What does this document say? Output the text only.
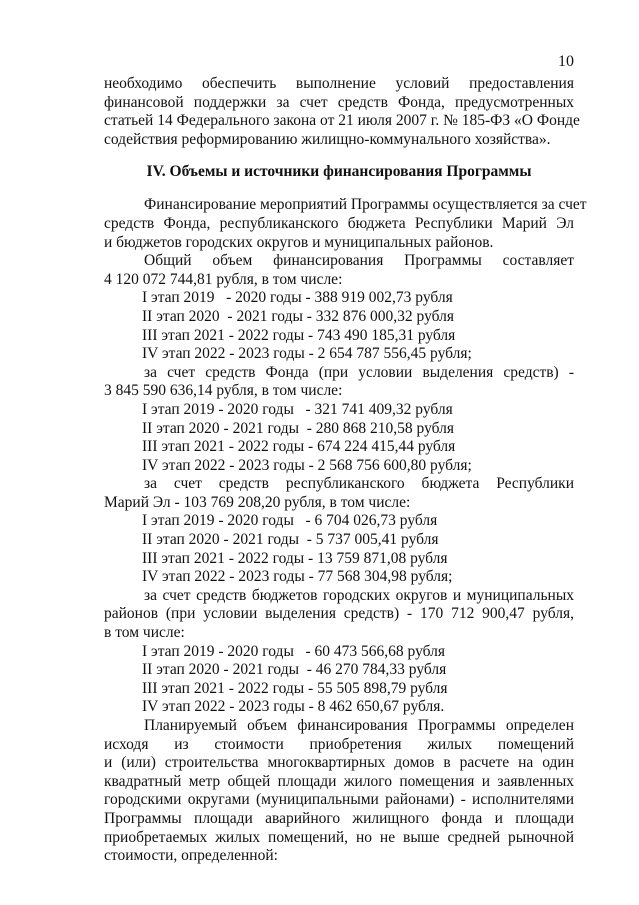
10
необходимо обеспечить выполнение условий предоставления
финансовой поддержки за счет средств Фонда, предусмотренных
статьей 14 Федерального закона от 21 июля 2007 г. № 185-ФЗ «О Фонде
содействия реформированию жилищно-коммунального хозяйства».
IV. Объемы и источники финансирования Программы
Финансирование мероприятий Программы осуществляется за счет
средств Фонда, республиканского бюджета Республики Марий Эл
и бюджетов городских округов и муниципальных районов.
Общий объем финансирования Программы составляет
4 120 072 744,81 рубля, в том числе:
I этап 2019   - 2020 годы - 388 919 002,73 рубля
II этап 2020  - 2021 годы - 332 876 000,32 рубля
III этап 2021 - 2022 годы - 743 490 185,31 рубля
IV этап 2022 - 2023 годы - 2 654 787 556,45 рубля;
за счет средств Фонда (при условии выделения средств) -
3 845 590 636,14 рубля, в том числе:
I этап 2019 - 2020 годы   - 321 741 409,32 рубля
II этап 2020 - 2021 годы  - 280 868 210,58 рубля
III этап 2021 - 2022 годы - 674 224 415,44 рубля
IV этап 2022 - 2023 годы - 2 568 756 600,80 рубля;
за счет средств республиканского бюджета Республики
Марий Эл - 103 769 208,20 рубля, в том числе:
I этап 2019 - 2020 годы   - 6 704 026,73 рубля
II этап 2020 - 2021 годы  - 5 737 005,41 рубля
III этап 2021 - 2022 годы - 13 759 871,08 рубля
IV этап 2022 - 2023 годы - 77 568 304,98 рубля;
за счет средств бюджетов городских округов и муниципальных
районов (при условии выделения средств) - 170 712 900,47 рубля,
в том числе:
I этап 2019 - 2020 годы   - 60 473 566,68 рубля
II этап 2020 - 2021 годы  - 46 270 784,33 рубля
III этап 2021 - 2022 годы - 55 505 898,79 рубля
IV этап 2022 - 2023 годы - 8 462 650,67 рубля.
Планируемый объем финансирования Программы определен
исходя из стоимости приобретения жилых помещений
и (или) строительства многоквартирных домов в расчете на один
квадратный метр общей площади жилого помещения и заявленных
городскими округами (муниципальными районами) - исполнителями
Программы площади аварийного жилищного фонда и площади
приобретаемых жилых помещений, но не выше средней рыночной
стоимости, определенной:
